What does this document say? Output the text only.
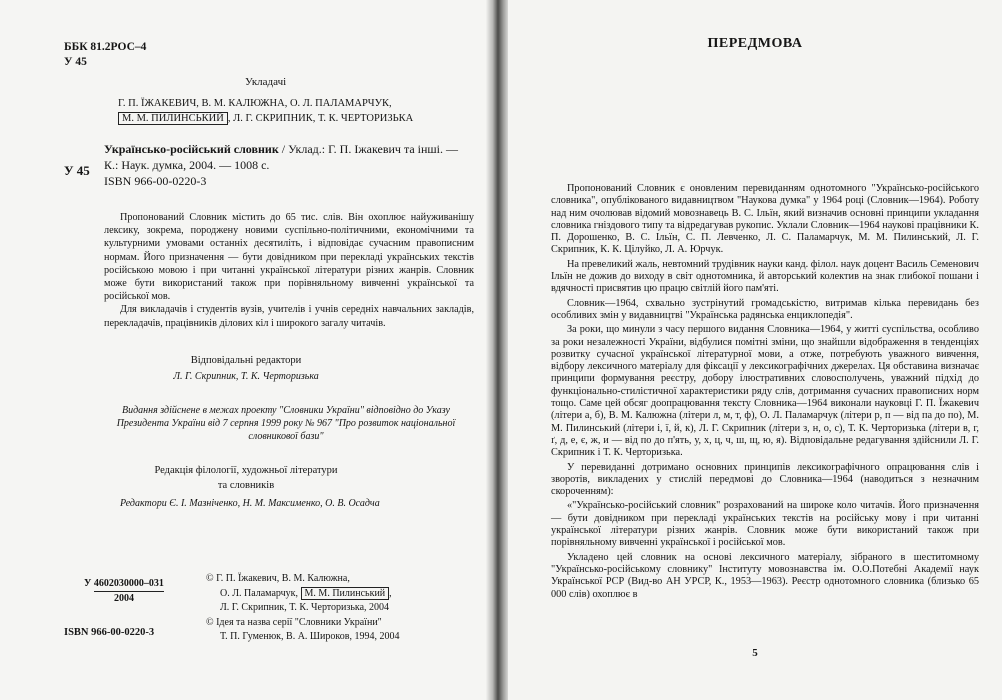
ББК 81.2РОС–4
У 45
Укладачі
Г. П. ЇЖАКЕВИЧ, В. М. КАЛЮЖНА, О. Л. ПАЛАМАРЧУК,
М. М. ПИЛИНСЬКИЙ , Л. Г. СКРИПНИК, Т. К. ЧЕРТОРИЗЬКА
У 45
Українсько-російський словник / Уклад.: Г. П. Іжакевич та інші. — К.: Наук. думка, 2004. — 1008 с.
ISBN 966-00-0220-3

Пропонований Словник містить до 65 тис. слів. Він охоплює найуживанішу лексику, зокрема, породжену новими суспільно-політичними, економічними та культурними умовами останніх десятиліть, і відповідає сучасним правописним нормам. Його призначення — бути довідником при перекладі українських текстів російською мовою і при читанні української літератури різних жанрів. Словник може бути використаний також при порівняльному вивченні української та російської мов.

Для викладачів і студентів вузів, учителів і учнів середніх навчальних закладів, перекладачів, працівників ділових кіл і широкого загалу читачів.

Відповідальні редактори
Л. Г. Скрипник, Т. К. Черторизька
Видання здійснене в межах проекту "Словники України" відповідно до Указу Президента України від 7 серпня 1999 року № 967 "Про розвиток національної словникової бази"
Редакція філології, художньої літератури
та словників
Редактори Є. І. Мазніченко, Н. М. Максименко, О. В. Осадча
У 4602030000–031
2004
ISBN 966-00-0220-3
© Г. П. Їжакевич, В. М. Калюжна,
О. Л. Паламарчук, М. М. Пилинський ,
Л. Г. Скрипник, Т. К. Черторизька, 2004
© Ідея та назва серії "Словники України"
Т. П. Гуменюк, В. А. Широков, 1994, 2004
ПЕРЕДМОВА

Пропонований Словник є оновленим перевиданням однотомного "Українсько-російського словника", опублікованого видавництвом "Наукова думка" у 1964 році (Словник—1964). Роботу над ним очолював відомий мовознавець В. С. Ільїн, який визначив основні принципи укладання словника гніздового типу та відредагував рукопис. Уклали Словник—1964 наукові працівники К. П. Дорошенко, В. С. Ільїн, С. П. Левченко, Л. С. Паламарчук, М. М. Пилинський, Л. Г. Скрипник, К. К. Цілуйко, Л. А. Юрчук.

На превеликий жаль, невтомний трудівник науки канд. філол. наук доцент Василь Семенович Ільїн не дожив до виходу в світ однотомника, й авторський колектив на знак глибокої пошани і вдячності присвятив цю працю світлій його пам'яті.

Словник—1964, схвально зустрінутий громадськістю, витримав кілька перевидань без особливих змін у видавництві "Українська радянська енциклопедія".

За роки, що минули з часу першого видання Словника—1964, у житті суспільства, особливо за роки незалежності України, відбулися помітні зміни, що знайшли відображення в тенденціях розвитку сучасної української літературної мови, а отже, потребують уважного вивчення, відбору лексичного матеріалу для фіксації у лексикографічних джерелах. Ця обставина визначає принципи формування реєстру, добору ілюстративних словосполучень, уважний підхід до функціонально-стилістичної характеристики ряду слів, дотримання сучасних правописних норм тощо. Саме цей обсяг доопрацювання тексту Словника—1964 виконали науковці Г. П. Їжакевич (літери а, б), В. М. Калюжна (літери л, м, т, ф), О. Л. Паламарчук (літери р, п — від па до по), М. М. Пилинський (літери і, ї, й, к), Л. Г. Скрипник (літери з, н, о, с), Т. К. Черторизька (літери в, г, ґ, д, е, є, ж, и — від по до п'ять, у, х, ц, ч, ш, щ, ю, я). Відповідальне редагування здійснили Л. Г. Скрипник і Т. К. Черторизька.

У перевиданні дотримано основних принципів лексикографічного опрацювання слів і зворотів, викладених у стислій передмові до Словника—1964 (наводиться з незначним скороченням):

«"Українсько-російський словник" розрахований на широке коло читачів. Його призначення — бути довідником при перекладі українських текстів на російську мову і при читанні української літератури різних жанрів. Словник може бути використаний також при порівняльному вивченні української і російської мов.

Укладено цей словник на основі лексичного матеріалу, зібраного в шеститомному "Українсько-російському словнику" Інституту мовознавства ім. О.О.Потебні Академії наук Української РСР (Вид-во АН УРСР, К., 1953—1963). Реєстр однотомного словника (близько 65 000 слів) охоплює в

5
